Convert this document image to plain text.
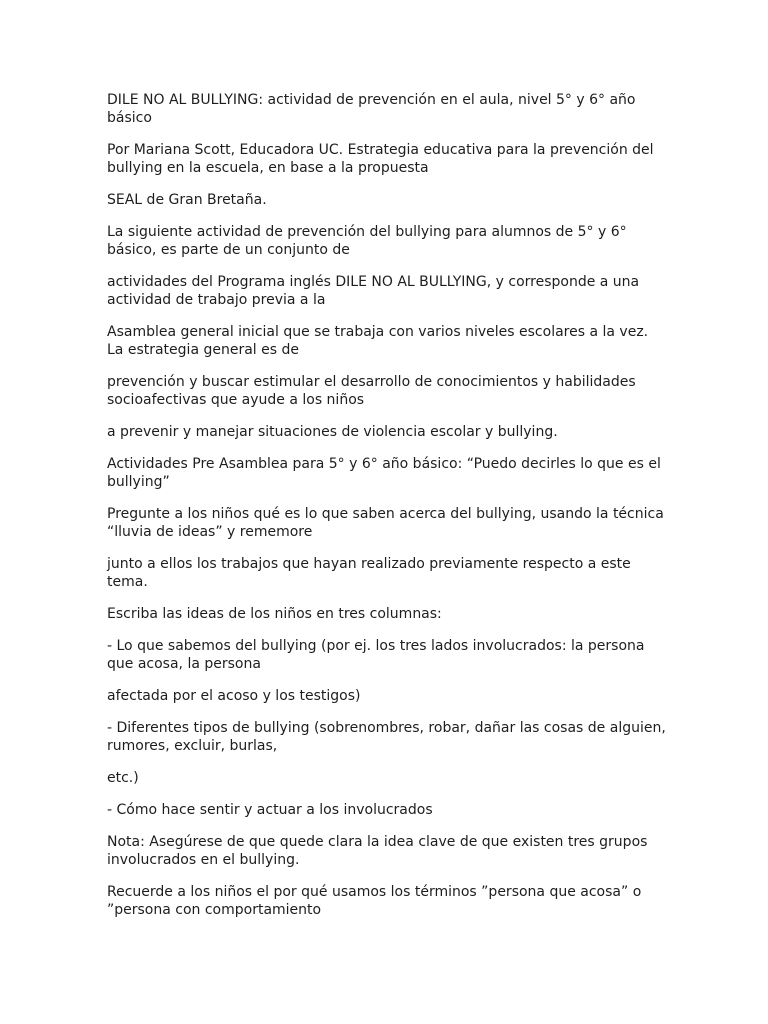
DILE NO AL BULLYING: actividad de prevención en el aula, nivel 5° y 6° año básico

Por Mariana Scott, Educadora UC. Estrategia educativa para la prevención del bullying en la escuela, en base a la propuesta

SEAL de Gran Bretaña.

La siguiente actividad de prevención del bullying para alumnos de 5° y 6° básico, es parte de un conjunto de

actividades del Programa inglés DILE NO AL BULLYING, y corresponde a una actividad de trabajo previa a la

Asamblea general inicial que se trabaja con varios niveles escolares a la vez. La estrategia general es de

prevención y buscar estimular el desarrollo de conocimientos y habilidades socioafectivas que ayude a los niños

a prevenir y manejar situaciones de violencia escolar y bullying.

Actividades Pre Asamblea para 5° y 6° año básico: “Puedo decirles lo que es el bullying”

Pregunte a los niños qué es lo que saben acerca del bullying, usando la técnica “lluvia de ideas” y rememore

junto a ellos los trabajos que hayan realizado previamente respecto a este tema.

Escriba las ideas de los niños en tres columnas:

- Lo que sabemos del bullying (por ej. los tres lados involucrados: la persona que acosa, la persona

afectada por el acoso y los testigos)

- Diferentes tipos de bullying (sobrenombres, robar, dañar las cosas de alguien, rumores, excluir, burlas,

etc.)

- Cómo hace sentir y actuar a los involucrados

Nota: Asegúrese de que quede clara la idea clave de que existen tres grupos involucrados en el bullying.

Recuerde a los niños el por qué usamos los términos ”persona que acosa” o ”persona con comportamiento
